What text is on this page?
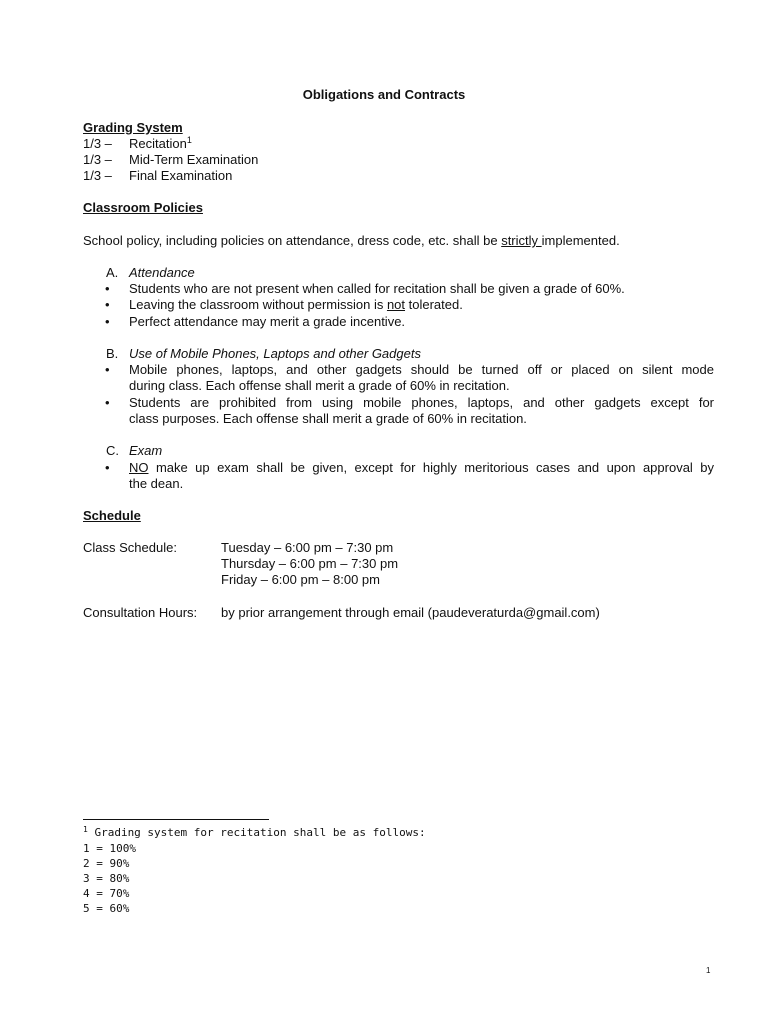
Obligations and Contracts
Grading System
1/3 – Recitation$^1$
1/3 – Mid-Term Examination
1/3 – Final Examination
Classroom Policies
School policy, including policies on attendance, dress code, etc. shall be strictly implemented.
A. Attendance
• Students who are not present when called for recitation shall be given a grade of 60%.
• Leaving the classroom without permission is not tolerated.
• Perfect attendance may merit a grade incentive.
B. Use of Mobile Phones, Laptops and other Gadgets
• Mobile phones, laptops, and other gadgets should be turned off or placed on silent mode
during class. Each offense shall merit a grade of 60% in recitation.
• Students are prohibited from using mobile phones, laptops, and other gadgets except for
class purposes. Each offense shall merit a grade of 60% in recitation.
C. Exam
• NO make up exam shall be given, except for highly meritorious cases and upon approval by
the dean.
Schedule
Class Schedule:	Tuesday – 6:00 pm – 7:30 pm
Thursday – 6:00 pm – 7:30 pm
Friday – 6:00 pm – 8:00 pm
Consultation Hours: by prior arrangement through email (paudeveraturda@gmail.com)
$^1$ Grading system for recitation shall be as follows:
1 = 100%
2 = 90%
3 = 80%
4 = 70%
5 = 60%
1
